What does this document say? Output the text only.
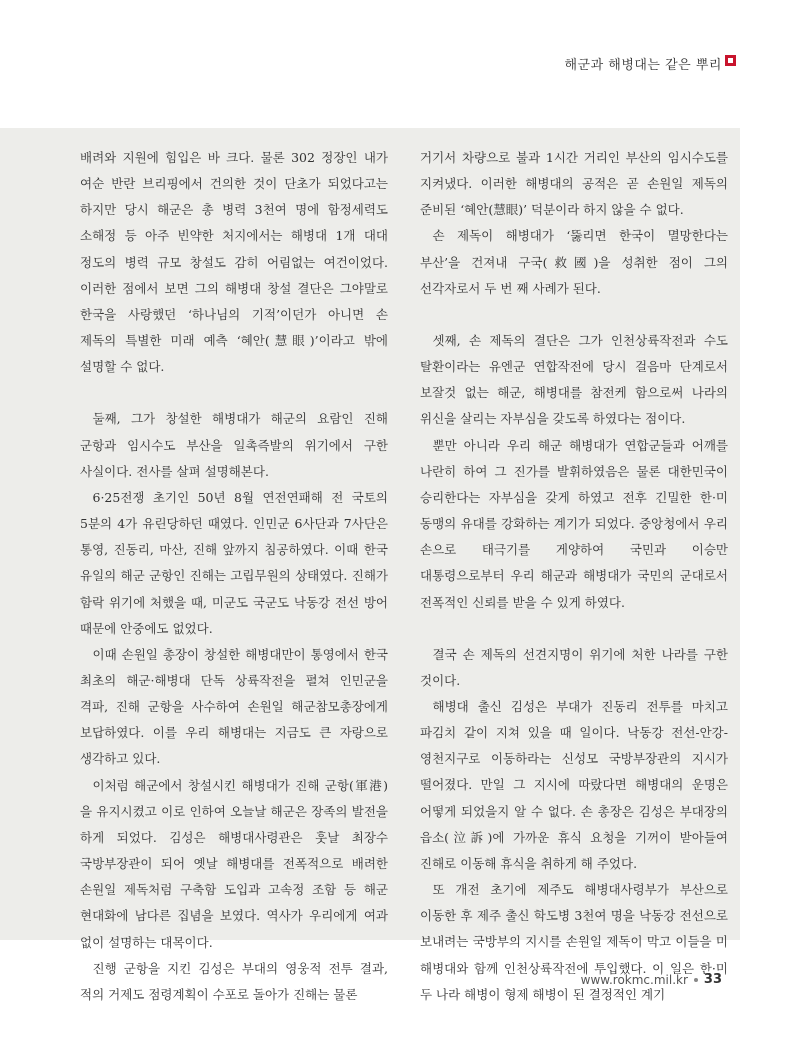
해군과 해병대는 같은 뿌리

배려와 지원에 힘입은 바 크다. 물론 302 정장인 내가 여순 반란 브리핑에서 건의한 것이 단초가 되었다고는 하지만 당시 해군은 총 병력 3천여 명에 함정세력도 소해정 등 아주 빈약한 처지에서는 해병대 1개 대대 정도의 병력 규모 창설도 감히 어림없는 여건이었다. 이러한 점에서 보면 그의 해병대 창설 결단은 그야말로 한국을 사랑했던 ‘하나님의 기적’이던가 아니면 손 제독의 특별한 미래 예측 ‘혜안(慧眼)’이라고 밖에 설명할 수 없다.

둘째, 그가 창설한 해병대가 해군의 요람인 진해 군항과 임시수도 부산을 일촉즉발의 위기에서 구한 사실이다. 전사를 살펴 설명해본다.

6·25전쟁 초기인 50년 8월 연전연패해 전 국토의 5분의 4가 유린당하던 때였다. 인민군 6사단과 7사단은 통영, 진동리, 마산, 진해 앞까지 침공하였다. 이때 한국 유일의 해군 군항인 진해는 고립무원의 상태였다. 진해가 함락 위기에 처했을 때, 미군도 국군도 낙동강 전선 방어 때문에 안중에도 없었다.

이때 손원일 총장이 창설한 해병대만이 통영에서 한국 최초의 해군·해병대 단독 상륙작전을 펼쳐 인민군을 격파, 진해 군항을 사수하여 손원일 해군참모총장에게 보답하였다. 이를 우리 해병대는 지금도 큰 자랑으로 생각하고 있다.

이처럼 해군에서 창설시킨 해병대가 진해 군항(軍港)을 유지시켰고 이로 인하여 오늘날 해군은 장족의 발전을 하게 되었다. 김성은 해병대사령관은 훗날 최장수 국방부장관이 되어 옛날 해병대를 전폭적으로 배려한 손원일 제독처럼 구축함 도입과 고속정 조함 등 해군 현대화에 남다른 집념을 보였다. 역사가 우리에게 여과 없이 설명하는 대목이다.

진행 군항을 지킨 김성은 부대의 영웅적 전투 결과, 적의 거제도 점령계획이 수포로 돌아가 진해는 물론

거기서 차량으로 불과 1시간 거리인 부산의 임시수도를 지켜냈다. 이러한 해병대의 공적은 곧 손원일 제독의 준비된 ‘혜안(慧眼)’ 덕분이라 하지 않을 수 없다.

손 제독이 해병대가 ‘뚫리면 한국이 멸망한다는 부산’을 건져내 구국(救國)을 성취한 점이 그의 선각자로서 두 번 째 사례가 된다.

셋째, 손 제독의 결단은 그가 인천상륙작전과 수도 탈환이라는 유엔군 연합작전에 당시 걸음마 단계로서 보잘것 없는 해군, 해병대를 참전케 함으로써 나라의 위신을 살리는 자부심을 갖도록 하였다는 점이다.

뿐만 아니라 우리 해군 해병대가 연합군들과 어깨를 나란히 하여 그 진가를 발휘하였음은 물론 대한민국이 승리한다는 자부심을 갖게 하였고 전후 긴밀한 한·미 동맹의 유대를 강화하는 계기가 되었다. 중앙청에서 우리 손으로 태극기를 게양하여 국민과 이승만 대통령으로부터 우리 해군과 해병대가 국민의 군대로서 전폭적인 신뢰를 받을 수 있게 하였다.

결국 손 제독의 선견지명이 위기에 처한 나라를 구한 것이다.

해병대 출신 김성은 부대가 진동리 전투를 마치고 파김치 같이 지쳐 있을 때 일이다. 낙동강 전선-안강-영천지구로 이동하라는 신성모 국방부장관의 지시가 떨어졌다. 만일 그 지시에 따랐다면 해병대의 운명은 어떻게 되었을지 알 수 없다. 손 총장은 김성은 부대장의 읍소(泣訴)에 가까운 휴식 요청을 기꺼이 받아들여 진해로 이동해 휴식을 취하게 해 주었다.

또 개전 초기에 제주도 해병대사령부가 부산으로 이동한 후 제주 출신 학도병 3천여 명을 낙동강 전선으로 보내려는 국방부의 지시를 손원일 제독이 막고 이들을 미 해병대와 함께 인천상륙작전에 투입했다. 이 일은 한·미 두 나라 해병이 형제 해병이 된 결정적인 계기

www.rokmc.mil.kr 33
